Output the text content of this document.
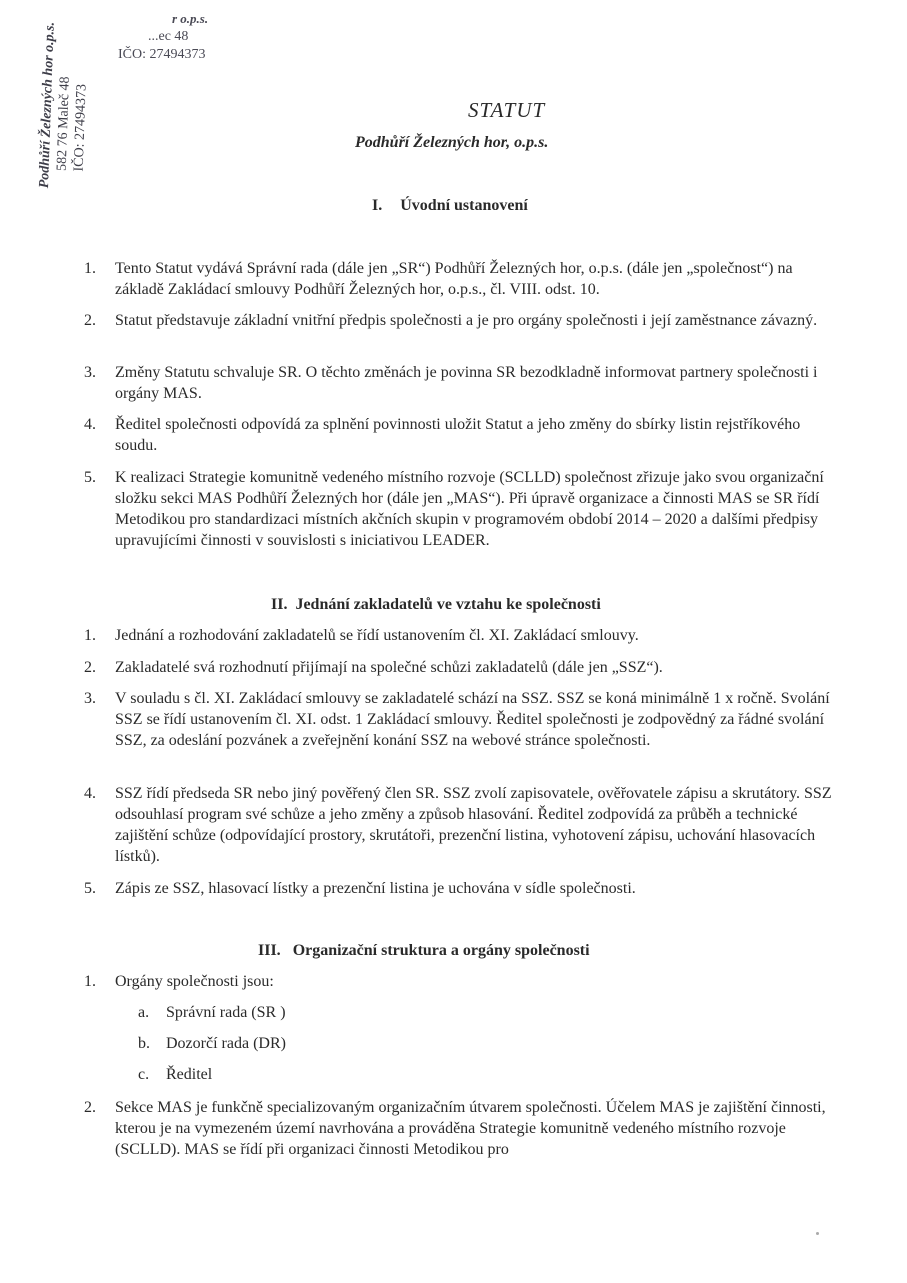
r o.p.s.
...ec 48
IČO: 27494373
Podhůří Železných hor o.p.s.
582 76 Maleč 48
IČO: 27494373	STATUT
Podhůří Železných hor, o.p.s.
I. Úvodní ustanovení
1. Tento Statut vydává Správní rada (dále jen „SR“) Podhůří Železných hor, o.p.s. (dále jen „společnost“) na základě Zakládací smlouvy Podhůří Železných hor, o.p.s., čl. VIII. odst. 10.
2. Statut představuje základní vnitřní předpis společnosti a je pro orgány společnosti i její zaměstnance závazný.
3. Změny Statutu schvaluje SR. O těchto změnách je povinna SR bezodkladně informovat partnery společnosti i orgány MAS.
4. Ředitel společnosti odpovídá za splnění povinnosti uložit Statut a jeho změny do sbírky listin rejstříkového soudu.
5. K realizaci Strategie komunitně vedeného místního rozvoje (SCLLD) společnost zřizuje jako svou organizační složku sekci MAS Podhůří Železných hor (dále jen „MAS“). Při úpravě organizace a činnosti MAS se SR řídí Metodikou pro standardizaci místních akčních skupin v programovém období 2014 – 2020 a dalšími předpisy upravujícími činnosti v souvislosti s iniciativou LEADER.
II. Jednání zakladatelů ve vztahu ke společnosti
1. Jednání a rozhodování zakladatelů se řídí ustanovením čl. XI. Zakládací smlouvy.
2. Zakladatelé svá rozhodnutí přijímají na společné schůzi zakladatelů (dále jen „SSZ“).
3. V souladu s čl. XI. Zakládací smlouvy se zakladatelé schází na SSZ. SSZ se koná minimálně 1 x ročně. Svolání SSZ se řídí ustanovením čl. XI. odst. 1 Zakládací smlouvy. Ředitel společnosti je zodpovědný za řádné svolání SSZ, za odeslání pozvánek a zveřejnění konání SSZ na webové stránce společnosti.
4. SSZ řídí předseda SR nebo jiný pověřený člen SR. SSZ zvolí zapisovatele, ověřovatele zápisu a skrutátory. SSZ odsouhlasí program své schůze a jeho změny a způsob hlasování. Ředitel zodpovídá za průběh a technické zajištění schůze (odpovídající prostory, skrutátoři, prezenční listina, vyhotovení zápisu, uchování hlasovacích lístků).
5. Zápis ze SSZ, hlasovací lístky a prezenční listina je uchována v sídle společnosti.
III. Organizační struktura a orgány společnosti
1. Orgány společnosti jsou:
a. Správní rada (SR )
b. Dozorčí rada (DR)
c. Ředitel
2. Sekce MAS je funkčně specializovaným organizačním útvarem společnosti. Účelem MAS je zajištění činnosti, kterou je na vymezeném území navrhována a prováděna Strategie komunitně vedeného místního rozvoje (SCLLD). MAS se řídí při organizaci činnosti Metodikou pro
